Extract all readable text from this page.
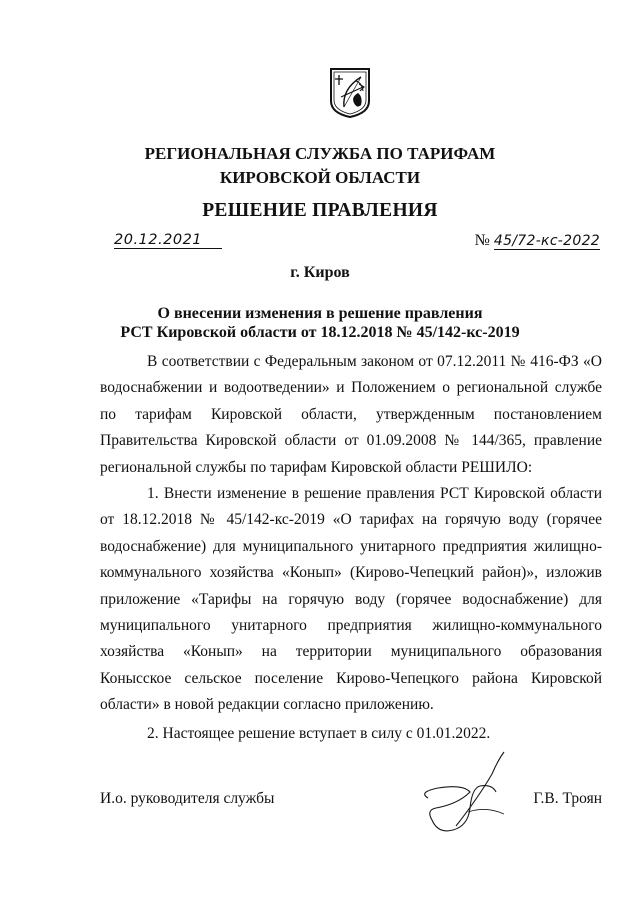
РЕГИОНАЛЬНАЯ СЛУЖБА ПО ТАРИФАМ
КИРОВСКОЙ ОБЛАСТИ
РЕШЕНИЕ ПРАВЛЕНИЯ
20.12.2021	№ 45/72-кс-2022
г. Киров
О внесении изменения в решение правления
РСТ Кировской области от 18.12.2018 № 45/142-кс-2019

В соответствии с Федеральным законом от 07.12.2011 № 416-ФЗ «О водоснабжении и водоотведении» и Положением о региональной службе по тарифам Кировской области, утвержденным постановлением Правительства Кировской области от 01.09.2008 № 144/365, правление региональной службы по тарифам Кировской области РЕШИЛО:

1. Внести изменение в решение правления РСТ Кировской области от 18.12.2018 № 45/142-кс-2019 «О тарифах на горячую воду (горячее водоснабжение) для муниципального унитарного предприятия жилищно-коммунального хозяйства «Конып» (Кирово-Чепецкий район)», изложив приложение «Тарифы на горячую воду (горячее водоснабжение) для муниципального унитарного предприятия жилищно-коммунального хозяйства «Конып» на территории муниципального образования Конысское сельское поселение Кирово-Чепецкого района Кировской области» в новой редакции согласно приложению.

2. Настоящее решение вступает в силу с 01.01.2022.

И.о. руководителя службы	Г.В. Троян
